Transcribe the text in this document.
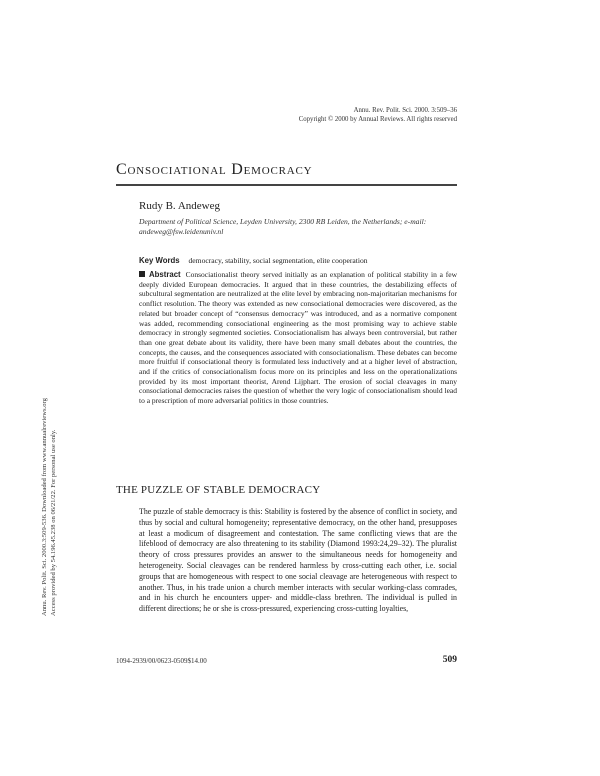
Annu. Rev. Polit. Sci. 2000. 3:509–36
Copyright © 2000 by Annual Reviews. All rights reserved
Annu. Rev. Polit. Sci. 2000.3:509-536. Downloaded from www.annualreviews.org Access provided by 54.196.45.238 on 06/21/22. For personal use only.
Consociational Democracy
Rudy B. Andeweg
Department of Political Science, Leyden University, 2300 RB Leiden, the Netherlands; e-mail: andeweg@fsw.leidenuniv.nl
Key Words democracy, stability, social segmentation, elite cooperation
Abstract Consociationalist theory served initially as an explanation of political stability in a few deeply divided European democracies. It argued that in these countries, the destabilizing effects of subcultural segmentation are neutralized at the elite level by embracing non-majoritarian mechanisms for conflict resolution. The theory was extended as new consociational democracies were discovered, as the related but broader concept of “consensus democracy” was introduced, and as a normative component was added, recommending consociational engineering as the most promising way to achieve stable democracy in strongly segmented societies. Consociationalism has always been controversial, but rather than one great debate about its validity, there have been many small debates about the countries, the concepts, the causes, and the consequences associated with consociationalism. These debates can become more fruitful if consociational theory is formulated less inductively and at a higher level of abstraction, and if the critics of consociationalism focus more on its principles and less on the operationalizations provided by its most important theorist, Arend Lijphart. The erosion of social cleavages in many consociational democracies raises the question of whether the very logic of consociationalism should lead to a prescription of more adversarial politics in those countries.
THE PUZZLE OF STABLE DEMOCRACY
The puzzle of stable democracy is this: Stability is fostered by the absence of conflict in society, and thus by social and cultural homogeneity; representative democracy, on the other hand, presupposes at least a modicum of disagreement and contestation. The same conflicting views that are the lifeblood of democracy are also threatening to its stability (Diamond 1993:24,29–32). The pluralist theory of cross pressures provides an answer to the simultaneous needs for homogeneity and heterogeneity. Social cleavages can be rendered harmless by cross-cutting each other, i.e. social groups that are homogeneous with respect to one social cleavage are heterogeneous with respect to another. Thus, in his trade union a church member interacts with secular working-class comrades, and in his church he encounters upper- and middle-class brethren. The individual is pulled in different directions; he or she is cross-pressured, experiencing cross-cutting loyalties,
1094-2939/00/0623-0509$14.00	509
